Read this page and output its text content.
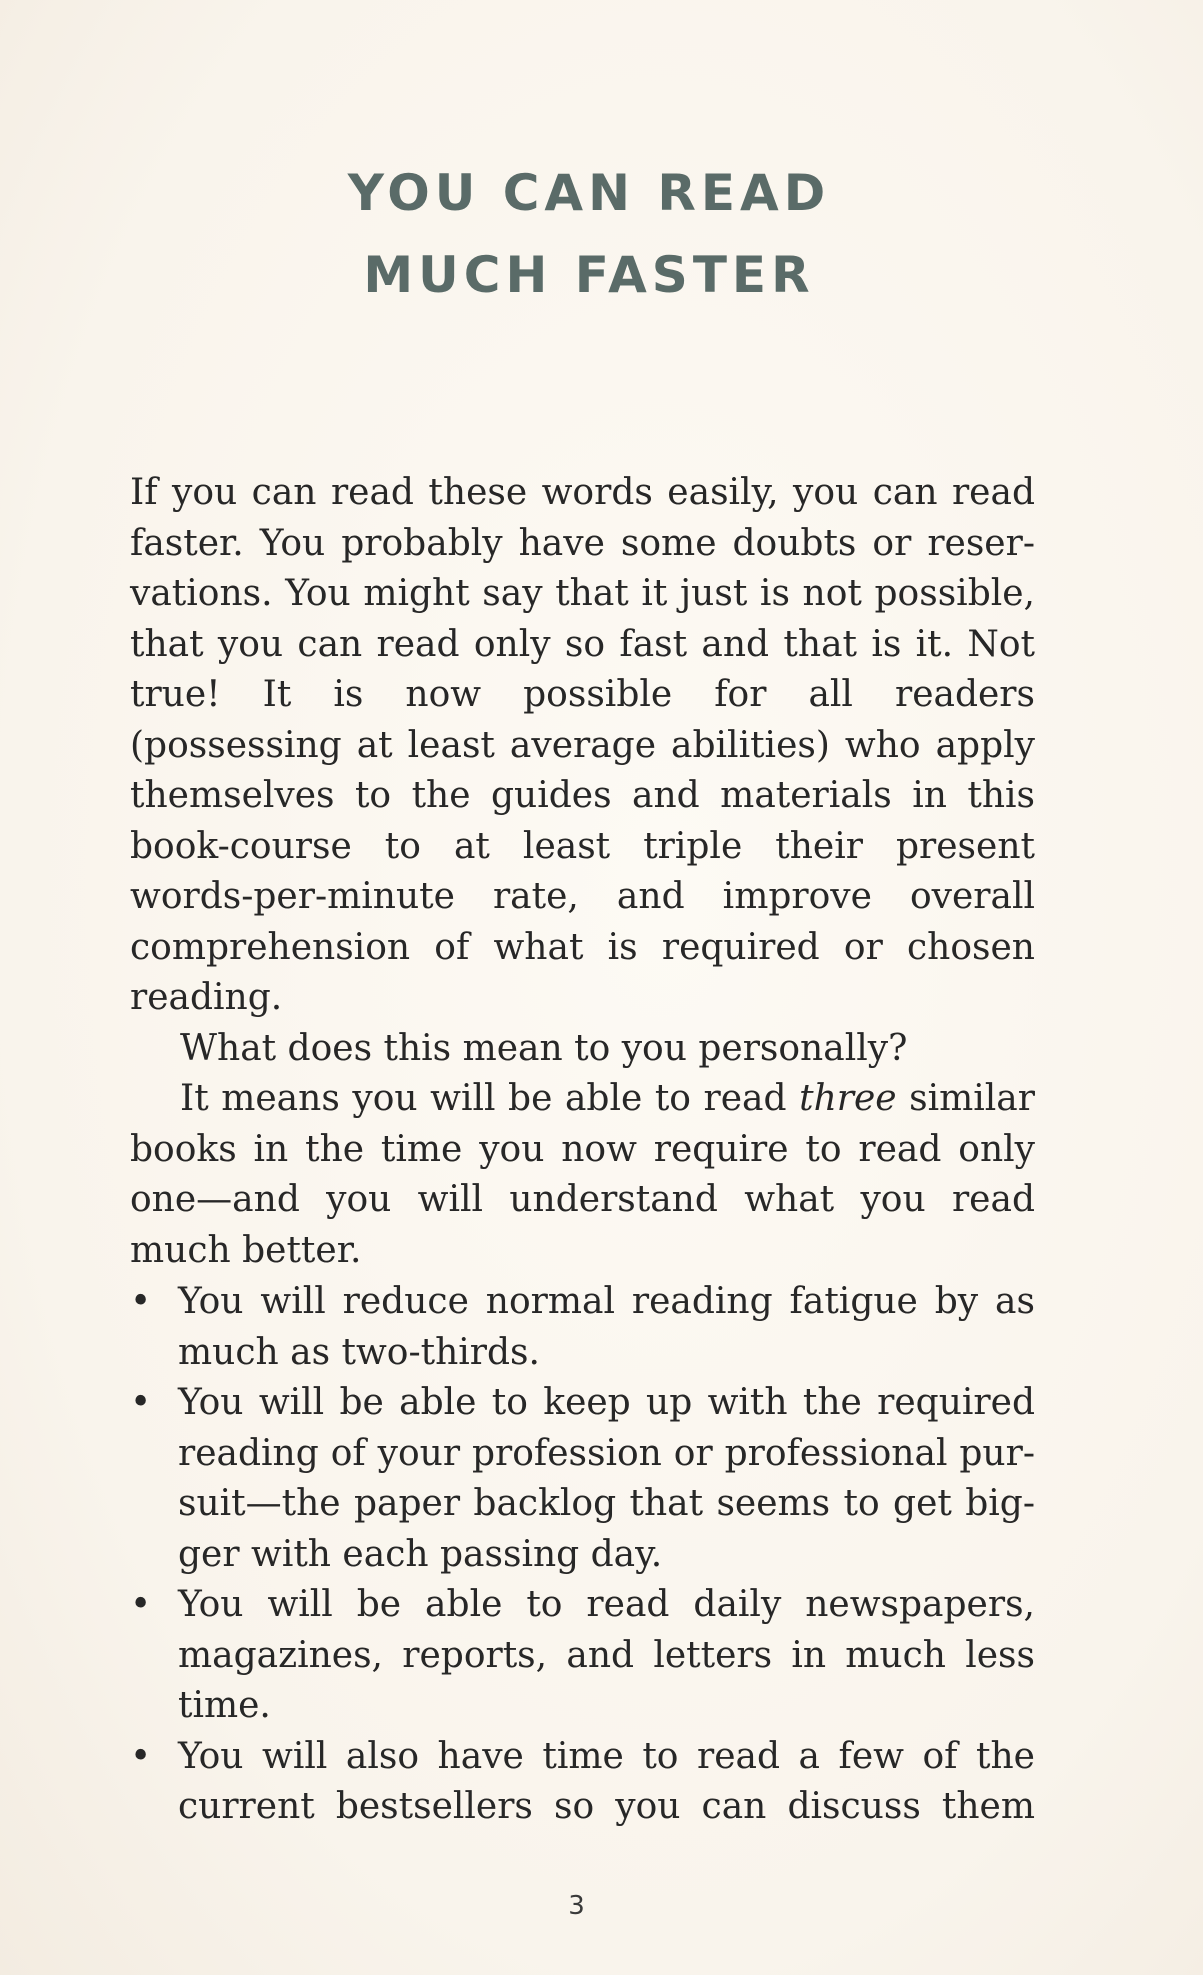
YOU CAN READ
MUCH FASTER

If you can read these words easily, you can read faster. You probably have some doubts or reservations. You might say that it just is not possible, that you can read only so fast and that is it. Not true! It is now possible for all readers (possessing at least average abilities) who apply themselves to the guides and materials in this book-course to at least triple their present words-per-minute rate, and improve overall comprehension of what is required or chosen reading.

What does this mean to you personally?

It means you will be able to read three similar books in the time you now require to read only one—and you will understand what you read much better.

• You will reduce normal reading fatigue by as much as two-thirds.
• You will be able to keep up with the required reading of your profession or professional pursuit—the paper backlog that seems to get bigger with each passing day.
• You will be able to read daily newspapers, magazines, reports, and letters in much less time.
• You will also have time to read a few of the current bestsellers so you can discuss them
3
